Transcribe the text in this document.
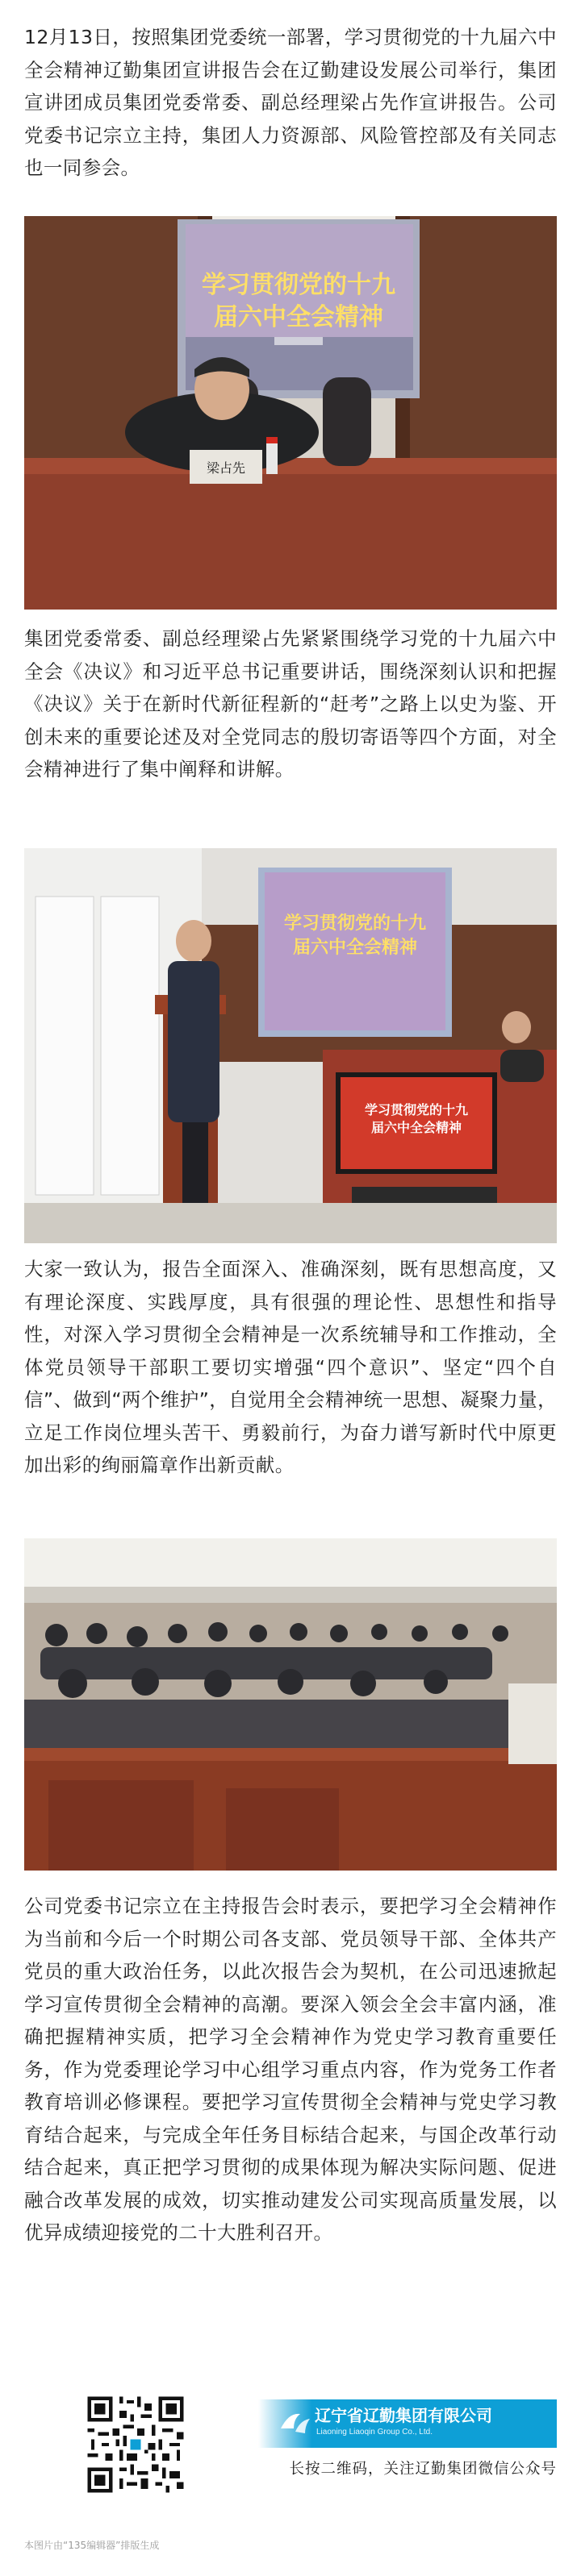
12月13日，按照集团党委统一部署，学习贯彻党的十九届六中全会精神辽勤集团宣讲报告会在辽勤建设发展公司举行，集团宣讲团成员集团党委常委、副总经理梁占先作宣讲报告。公司党委书记宗立主持，集团人力资源部、风险管控部及有关同志也一同参会。

学习贯彻党的十九
届六中全会精神
梁占先

集团党委常委、副总经理梁占先紧紧围绕学习党的十九届六中全会《决议》和习近平总书记重要讲话，围绕深刻认识和把握《决议》关于在新时代新征程新的“赶考”之路上以史为鉴、开创未来的重要论述及对全党同志的殷切寄语等四个方面，对全会精神进行了集中阐释和讲解。

学习贯彻党的十九
届六中全会精神
学习贯彻党的十九
届六中全会精神

大家一致认为，报告全面深入、准确深刻，既有思想高度，又有理论深度、实践厚度，具有很强的理论性、思想性和指导性，对深入学习贯彻全会精神是一次系统辅导和工作推动，全体党员领导干部职工要切实增强“四个意识”、坚定“四个自信”、做到“两个维护”，自觉用全会精神统一思想、凝聚力量，立足工作岗位埋头苦干、勇毅前行，为奋力谱写新时代中原更加出彩的绚丽篇章作出新贡献。

公司党委书记宗立在主持报告会时表示，要把学习全会精神作为当前和今后一个时期公司各支部、党员领导干部、全体共产党员的重大政治任务，以此次报告会为契机，在公司迅速掀起学习宣传贯彻全会精神的高潮。要深入领会全会丰富内涵，准确把握精神实质，把学习全会精神作为党史学习教育重要任务，作为党委理论学习中心组学习重点内容，作为党务工作者教育培训必修课程。要把学习宣传贯彻全会精神与党史学习教育结合起来，与完成全年任务目标结合起来，与国企改革行动结合起来，真正把学习贯彻的成果体现为解决实际问题、促进融合改革发展的成效，切实推动建发公司实现高质量发展，以优异成绩迎接党的二十大胜利召开。

辽宁省辽勤集团有限公司
Liaoning Liaoqin Group Co., Ltd.
长按二维码，关注辽勤集团微信公众号
本图片由“135编辑器”排版生成
